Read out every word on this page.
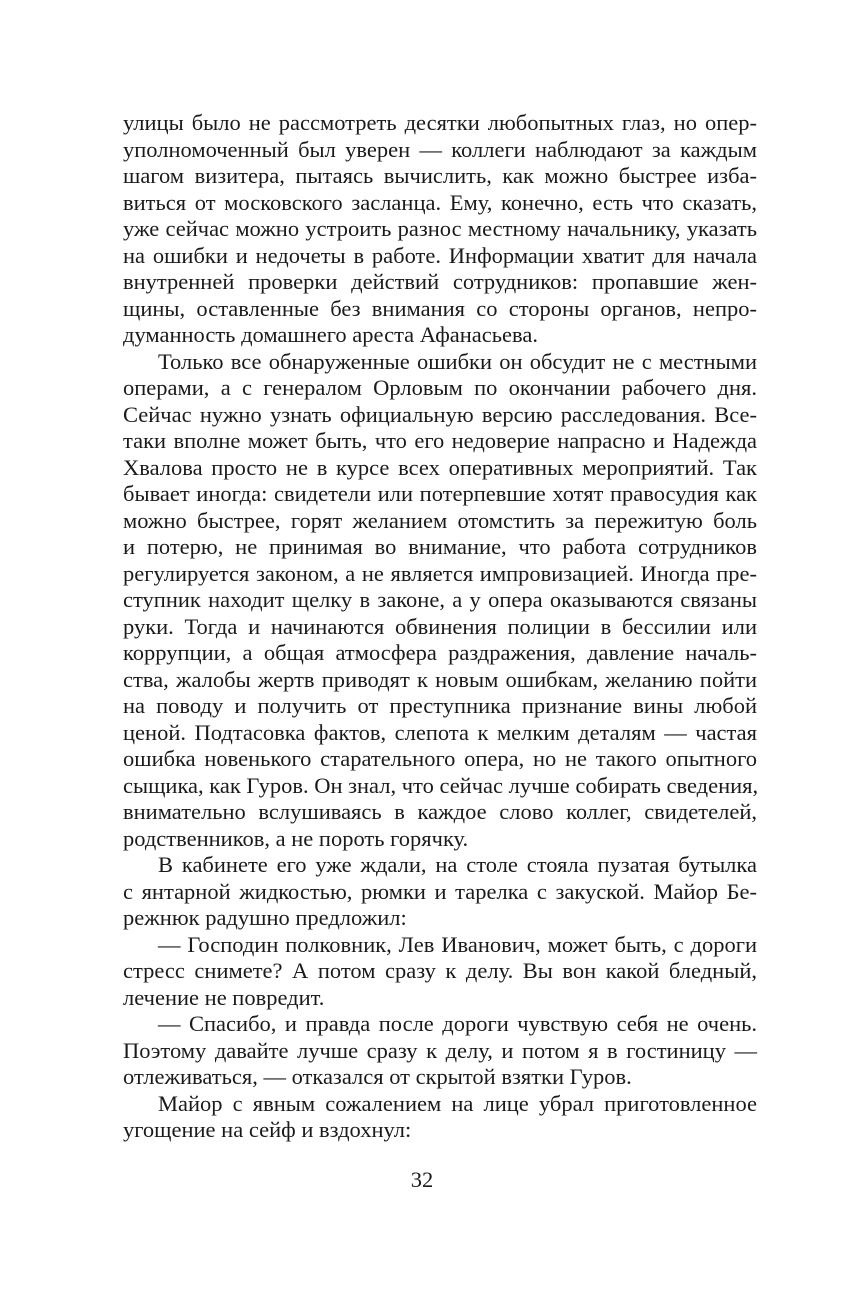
улицы было не рассмотреть десятки любопытных глаз, но опер-
уполномоченный был уверен — коллеги наблюдают за каждым
шагом визитера, пытаясь вычислить, как можно быстрее изба-
виться от московского засланца. Ему, конечно, есть что сказать,
уже сейчас можно устроить разнос местному начальнику, указать
на ошибки и недочеты в работе. Информации хватит для начала
внутренней проверки действий сотрудников: пропавшие жен-
щины, оставленные без внимания со стороны органов, непро-
думанность домашнего ареста Афанасьева.
Только все обнаруженные ошибки он обсудит не с местными
операми, а с генералом Орловым по окончании рабочего дня.
Сейчас нужно узнать официальную версию расследования. Все-
таки вполне может быть, что его недоверие напрасно и Надежда
Хвалова просто не в курсе всех оперативных мероприятий. Так
бывает иногда: свидетели или потерпевшие хотят правосудия как
можно быстрее, горят желанием отомстить за пережитую боль
и потерю, не принимая во внимание, что работа сотрудников
регулируется законом, а не является импровизацией. Иногда пре-
ступник находит щелку в законе, а у опера оказываются связаны
руки. Тогда и начинаются обвинения полиции в бессилии или
коррупции, а общая атмосфера раздражения, давление началь-
ства, жалобы жертв приводят к новым ошибкам, желанию пойти
на поводу и получить от преступника признание вины любой
ценой. Подтасовка фактов, слепота к мелким деталям — частая
ошибка новенького старательного опера, но не такого опытного
сыщика, как Гуров. Он знал, что сейчас лучше собирать сведения,
внимательно вслушиваясь в каждое слово коллег, свидетелей,
родственников, а не пороть горячку.
В кабинете его уже ждали, на столе стояла пузатая бутылка
с янтарной жидкостью, рюмки и тарелка с закуской. Майор Бе-
режнюк радушно предложил:
— Господин полковник, Лев Иванович, может быть, с дороги
стресс снимете? А потом сразу к делу. Вы вон какой бледный,
лечение не повредит.
— Спасибо, и правда после дороги чувствую себя не очень.
Поэтому давайте лучше сразу к делу, и потом я в гостиницу —
отлеживаться, — отказался от скрытой взятки Гуров.
Майор с явным сожалением на лице убрал приготовленное
угощение на сейф и вздохнул:
32
